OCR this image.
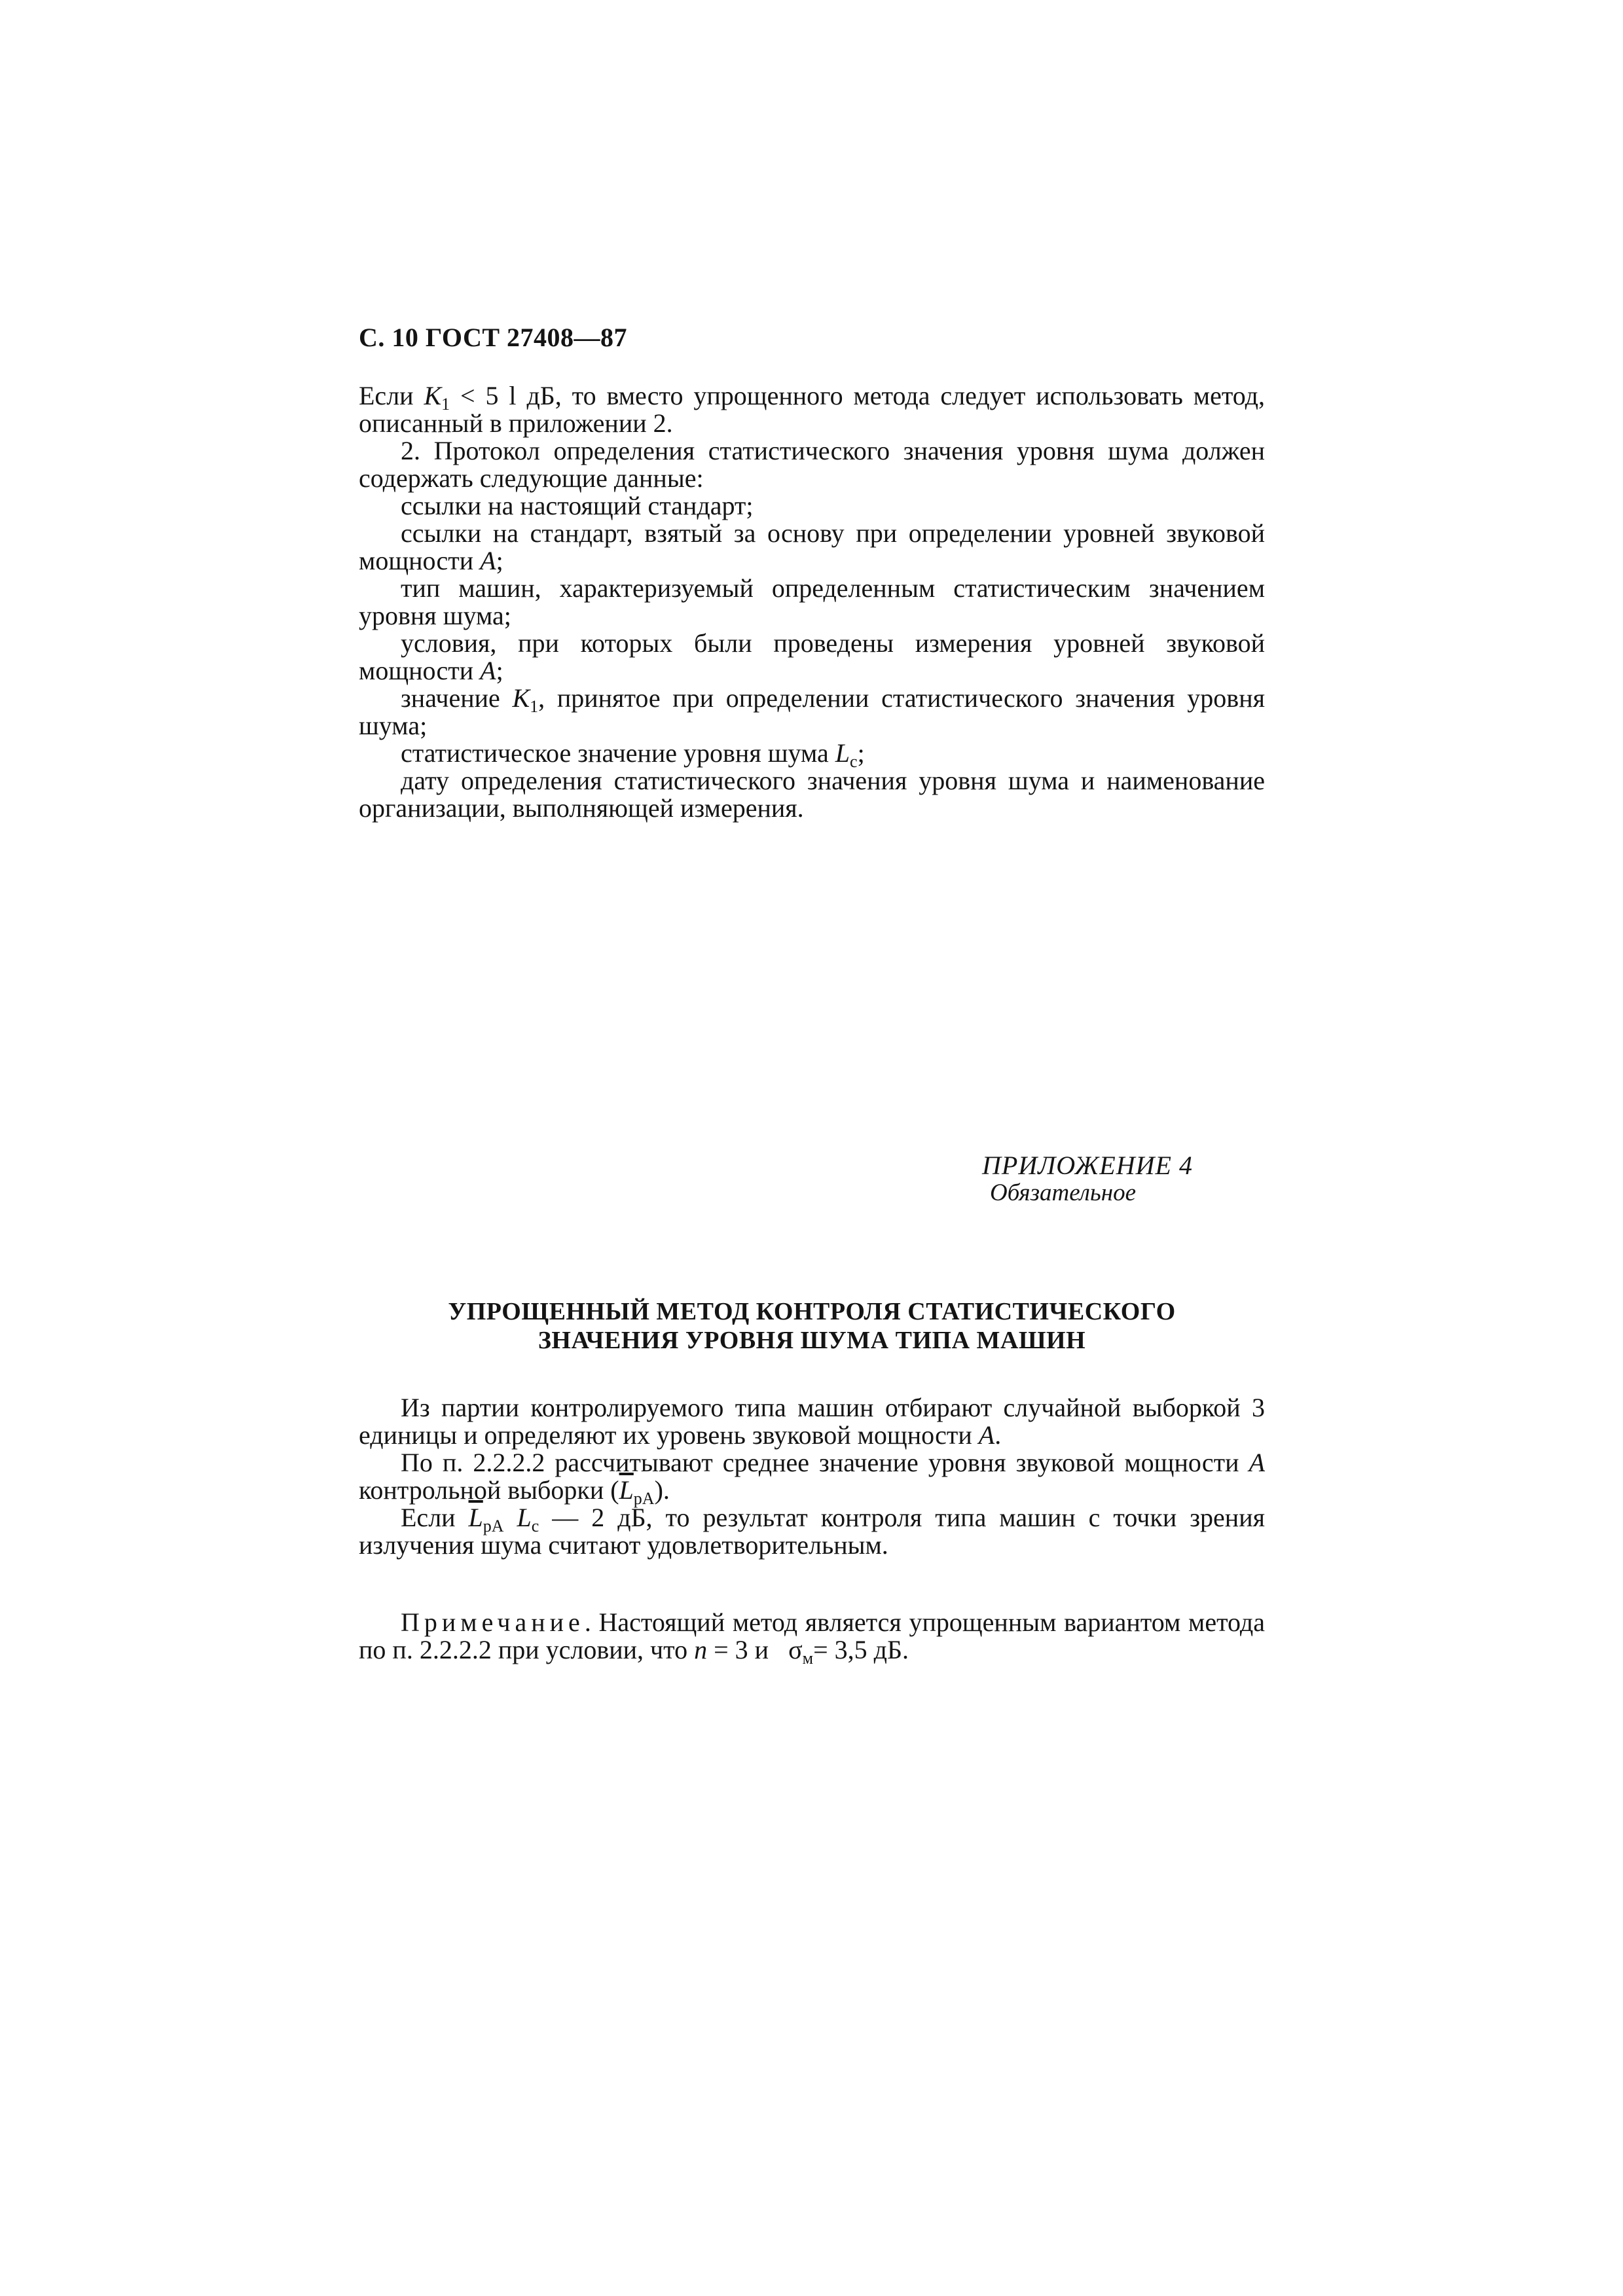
С. 10 ГОСТ 27408—87

Если $K_1 < 5$ l дБ, то вместо упрощенного метода следует использовать метод, описанный в приложении 2.

2. Протокол определения статистического значения уровня шума должен содержать следующие данные:

ссылки на настоящий стандарт;

ссылки на стандарт, взятый за основу при определении уровней звуковой мощности А;

тип машин, характеризуемый определенным статистическим значением уровня шума;

условия, при которых были проведены измерения уровней звуковой мощности А;

значение $K_1$, принятое при определении статистического значения уровня шума;

статистическое значение уровня шума $L_с$;

дату определения статистического значения уровня шума и наименование организации, выполняющей измерения.

ПРИЛОЖЕНИЕ 4
Обязательное
УПРОЩЕННЫЙ МЕТОД КОНТРОЛЯ СТАТИСТИЧЕСКОГО
ЗНАЧЕНИЯ УРОВНЯ ШУМА ТИПА МАШИН

Из партии контролируемого типа машин отбирают случайной выборкой 3 единицы и определяют их уровень звуковой мощности А.

По п. 2.2.2.2 рассчитывают среднее значение уровня звуковой мощности А контрольной выборки $(\overline{L}_{pA})$.

Если $\overline{L}_{pA}$ $L_с$ — 2 дБ, то результат контроля типа машин с точки зрения излучения шума считают удовлетворительным.

Примечание. Настоящий метод является упрощенным вариантом метода по п. 2.2.2.2 при условии, что n = 3 и   $\sigma_м= 3,5$ дБ.
